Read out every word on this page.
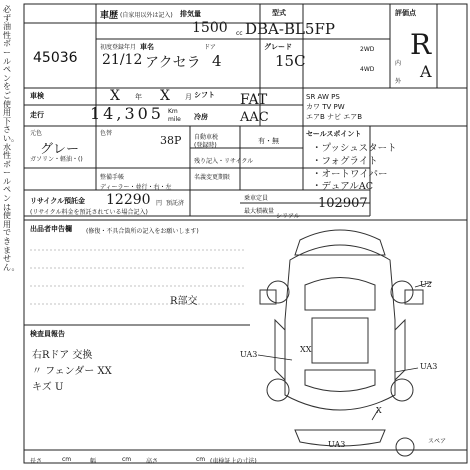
必ず油性ボールペンをご使用下さい。水性ボールペンは使用できません。
45036
車歴 (自家用以外は記入) 排気量
1500 cc
型式
DBA-BL5FP
初度登録年月
21/12
車名
アクセラ
ドア
4
グレード
15C
2WD
4WD
評価点
R
内 A
外
車検	X 年 X 月
走行	14,305 Km
mile
元色	色替
グレー
38P
ガソリン・軽油・()
シフト FAT
冷房 AAC
自動車税
(登録時)
有・無
残り記入・リサイクル
名義変更期限
整備手帳
ディーラー・並行・右・左
SR AW PS
カワ TV PW
エアB ナビ エアB
セールスポイント
・プッシュスタート
・フォグライト
・オートワイパー
・デュアルAC
リサイクル預託金
(リサイクル料金を預託されている場合記入)
12290 円 預託済
乗車定員
最大積載量
102907
シリアル
出品者申告欄 (修復・不具合箇所の記入をお願いします)
R部交
検査員報告
右Rドア 交換
〃 フェンダー XX
キズ U
U2
UA3
UA3
X
XX
UA3	スペア
長さ	cm	幅	cm 高さ	cm (車検証上の寸法)
